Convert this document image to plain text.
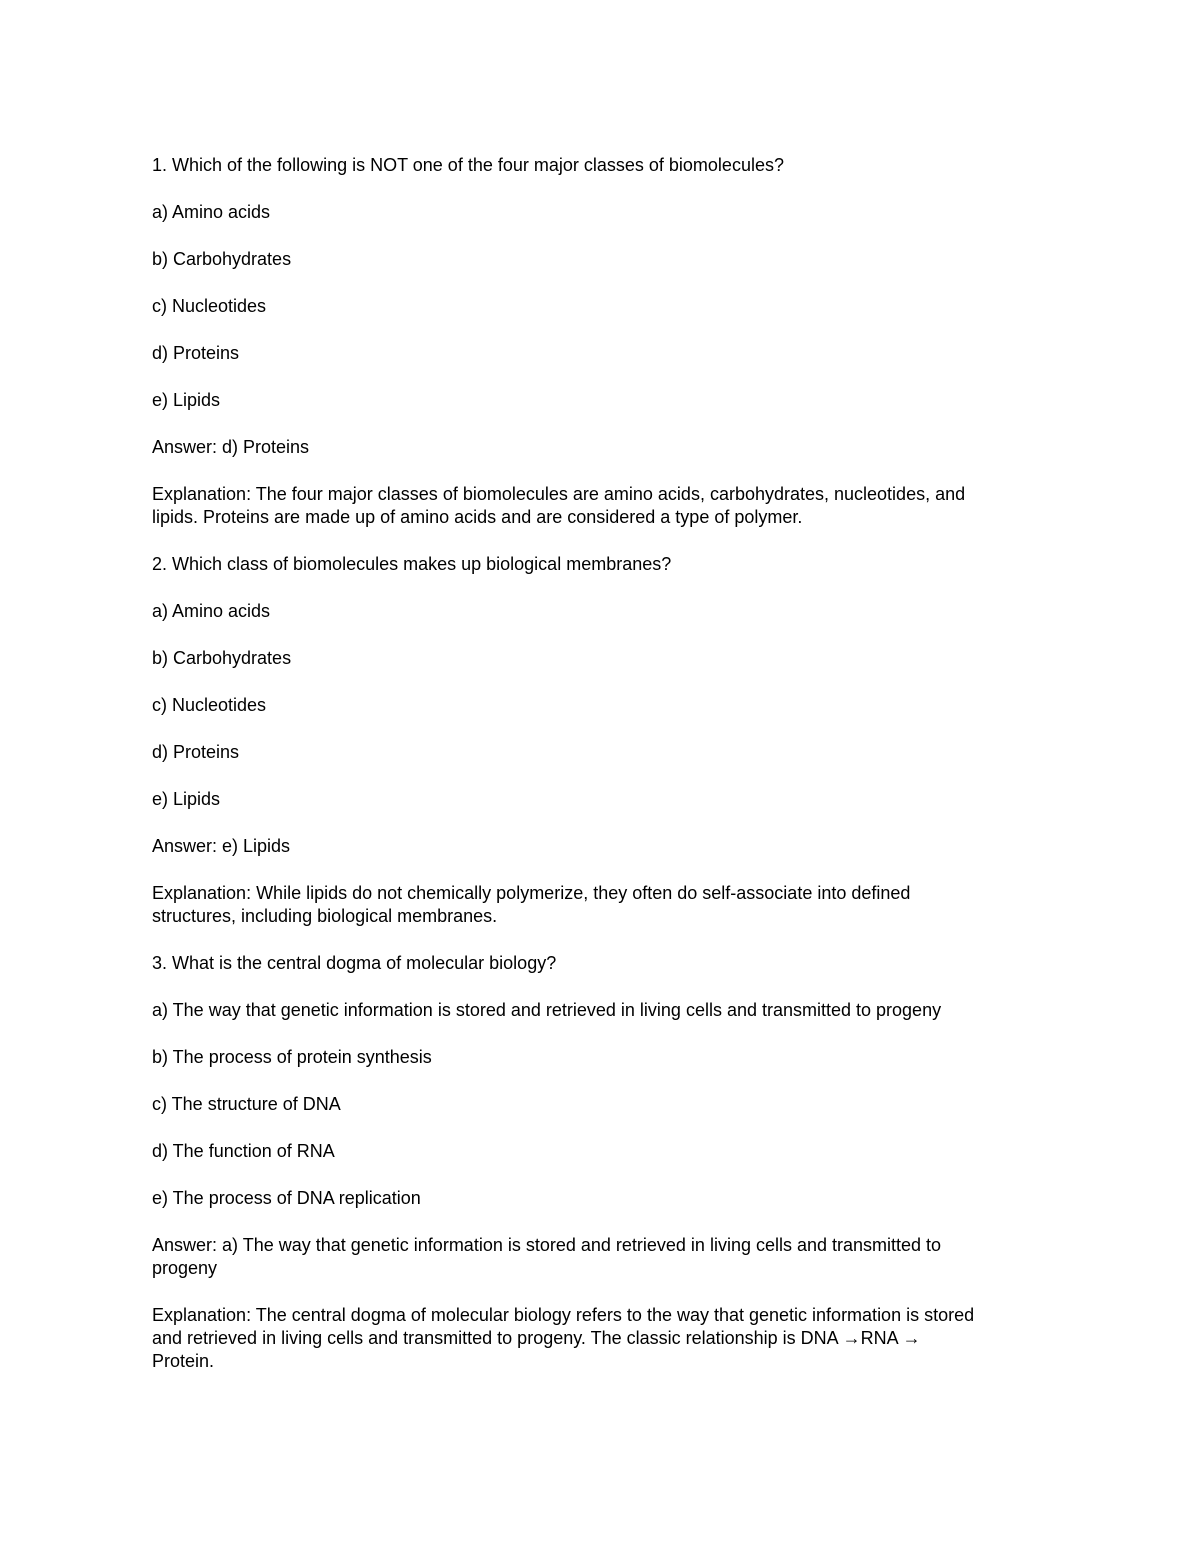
1. Which of the following is NOT one of the four major classes of biomolecules?

a) Amino acids

b) Carbohydrates

c) Nucleotides

d) Proteins

e) Lipids

Answer: d) Proteins

Explanation: The four major classes of biomolecules are amino acids, carbohydrates, nucleotides, and

lipids. Proteins are made up of amino acids and are considered a type of polymer.

2. Which class of biomolecules makes up biological membranes?

a) Amino acids

b) Carbohydrates

c) Nucleotides

d) Proteins

e) Lipids

Answer: e) Lipids

Explanation: While lipids do not chemically polymerize, they often do self-associate into defined

structures, including biological membranes.

3. What is the central dogma of molecular biology?

a) The way that genetic information is stored and retrieved in living cells and transmitted to progeny

b) The process of protein synthesis

c) The structure of DNA

d) The function of RNA

e) The process of DNA replication

Answer: a) The way that genetic information is stored and retrieved in living cells and transmitted to

progeny

Explanation: The central dogma of molecular biology refers to the way that genetic information is stored

and retrieved in living cells and transmitted to progeny. The classic relationship is DNA →RNA →

Protein.
